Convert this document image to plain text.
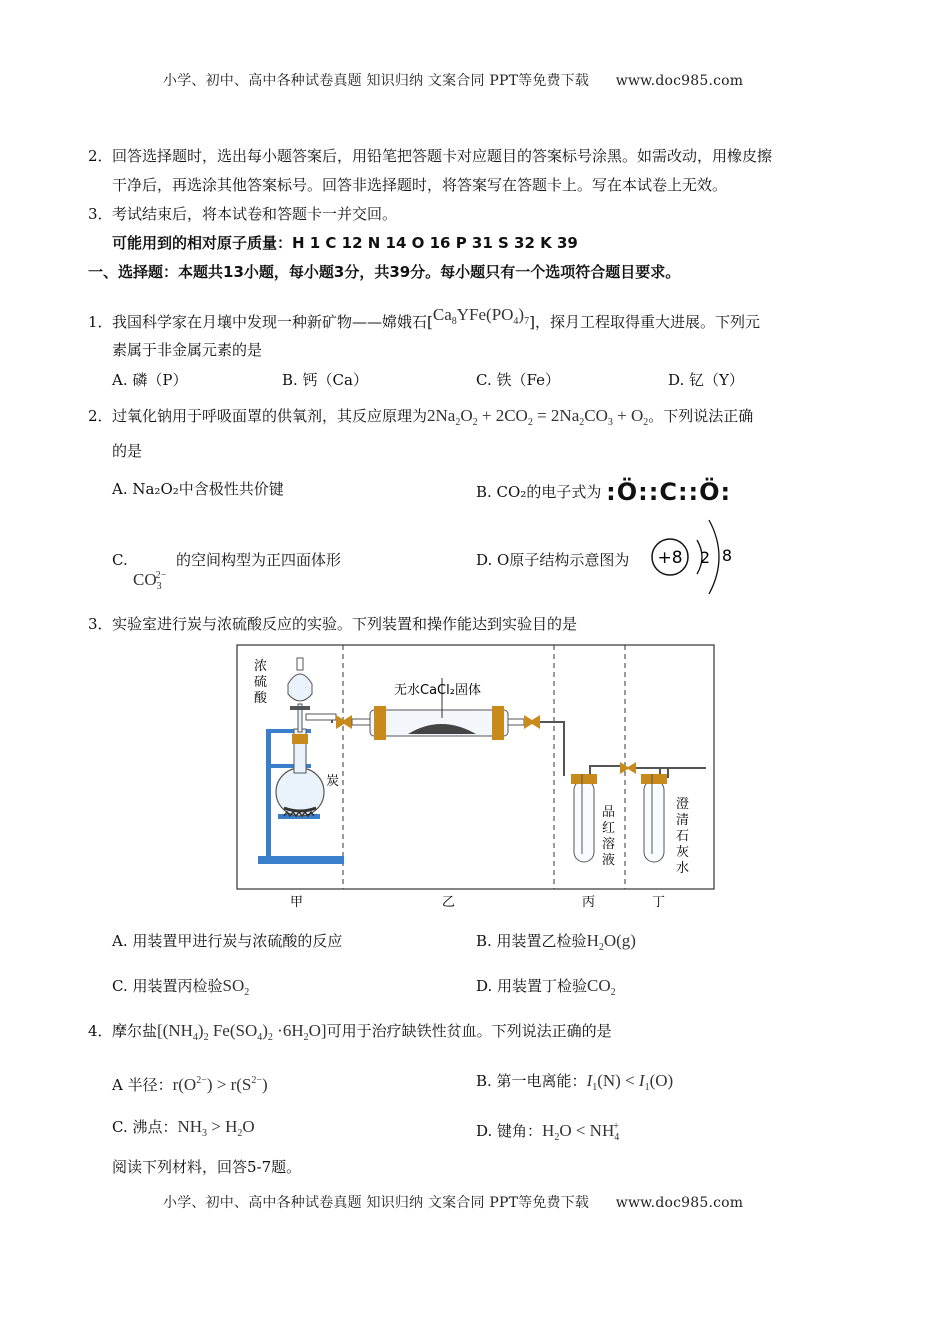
小学、初中、高中各种试卷真题 知识归纳 文案合同 PPT等免费下载 www.doc985.com
2．回答选择题时，选出每小题答案后，用铅笔把答题卡对应题目的答案标号涂黑。如需改动，用橡皮擦
干净后，再选涂其他答案标号。回答非选择题时，将答案写在答题卡上。写在本试卷上无效。
3．考试结束后，将本试卷和答题卡一并交回。
可能用到的相对原子质量：H 1 C 12 N 14 O 16 P 31 S 32 K 39
一、选择题：本题共13小题，每小题3分，共39分。每小题只有一个选项符合题目要求。
1．我国科学家在月壤中发现一种新矿物——嫦娥石$[Ca_8YFe(PO_4)_7]$，探月工程取得重大进展。下列元
素属于非金属元素的是
A. 磷（P）	B. 钙（Ca）	C. 铁（Fe）	D. 钇（Y）
2．过氧化钠用于呼吸面罩的供氧剂，其反应原理为$2Na_2O_2 + 2CO_2 = 2Na_2CO_3 + O_2$。下列说法正确
的是
A. Na₂O₂中含极性共价键	B. CO₂的电子式为 :Ö::C::Ö:
C.
$CO_3^{2-}$
的空间构型为正四面体形	D. O原子结构示意图为 +8 2 8
3．实验室进行炭与浓硫酸反应的实验。下列装置和操作能达到实验目的是
浓
硫
酸
炭
无水CaCl₂固体
品
红
溶
液
澄
清
石
灰
水
甲	乙	丙	丁
A. 用装置甲进行炭与浓硫酸的反应	B. 用装置乙检验$H_2O(g)$
C. 用装置丙检验$SO_2$	D. 用装置丁检验$CO_2$
4．摩尔盐[$(NH_4)_2$ $Fe(SO_4)_2 \cdot 6H_2O$]可用于治疗缺铁性贫血。下列说法正确的是
A 半径：$r(O^{2-}) > r(S^{2-})$	B. 第一电离能：$I_1(N) < I_1(O)$
C. 沸点：$NH_3 > H_2O$	D. 键角：$H_2O < NH_4^+$
阅读下列材料，回答5-7题。
小学、初中、高中各种试卷真题 知识归纳 文案合同 PPT等免费下载 www.doc985.com
